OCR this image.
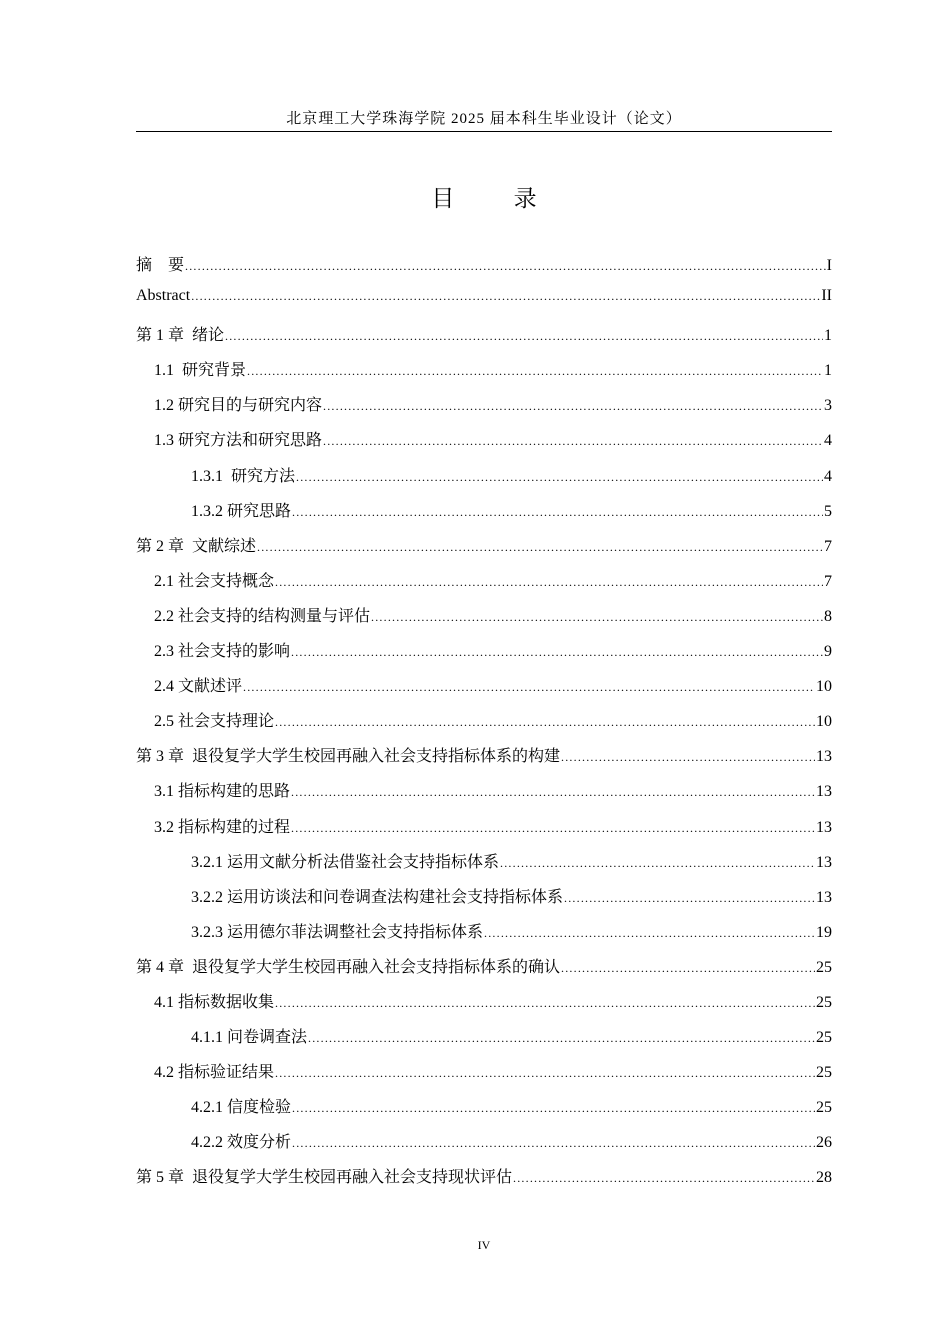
北京理工大学珠海学院 2025 届本科生毕业设计（论文）
目 录
摘    要 .....	I
Abstract .....	II
第 1 章  绪论 .....	1
1.1  研究背景 .....	1
1.2 研究目的与研究内容 .....	3
1.3 研究方法和研究思路 .....	4
1.3.1  研究方法 .....	4
1.3.2 研究思路 .....	5
第 2 章  文献综述 .....	7
2.1 社会支持概念 .....	7
2.2 社会支持的结构测量与评估 .....	8
2.3 社会支持的影响 .....	9
2.4 文献述评 .....	10
2.5 社会支持理论 .....	10
第 3 章  退役复学大学生校园再融入社会支持指标体系的构建 .....	13
3.1 指标构建的思路 .....	13
3.2 指标构建的过程 .....	13
3.2.1 运用文献分析法借鉴社会支持指标体系 .....	13
3.2.2 运用访谈法和问卷调查法构建社会支持指标体系 .....	13
3.2.3 运用德尔菲法调整社会支持指标体系 .....	19
第 4 章  退役复学大学生校园再融入社会支持指标体系的确认 .....	25
4.1 指标数据收集 .....	25
4.1.1 问卷调查法 .....	25
4.2 指标验证结果 .....	25
4.2.1 信度检验 .....	25
4.2.2 效度分析 .....	26
第 5 章  退役复学大学生校园再融入社会支持现状评估 .....	28
IV
